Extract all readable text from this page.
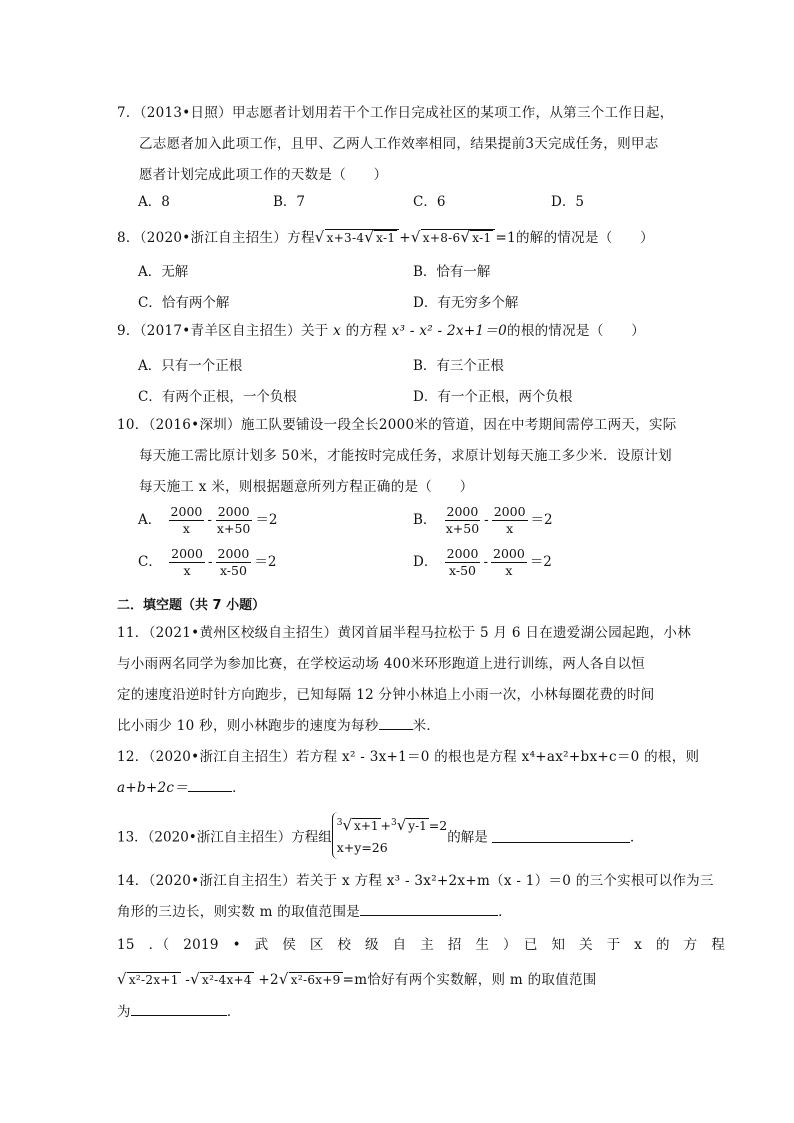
7．（2013•日照）甲志愿者计划用若干个工作日完成社区的某项工作，从第三个工作日起，
乙志愿者加入此项工作，且甲、乙两人工作效率相同，结果提前3天完成任务，则甲志
愿者计划完成此项工作的天数是（　　）
A．8	B．7	C．6	D．5
8．（2020•浙江自主招生）方程√ x+3-4√ x-1 +√ x+8-6√ x-1 =1的解的情况是（　　）
A．无解	B．恰有一解
C．恰有两个解	D．有无穷多个解
9．（2017•青羊区自主招生）关于 x 的方程 x³ - x² - 2x+1＝0的根的情况是（　　）
A．只有一个正根	B．有三个正根
C．有两个正根，一个负根	D．有一个正根，两个负根
10．（2016•深圳）施工队要铺设一段全长2000米的管道，因在中考期间需停工两天，实际
每天施工需比原计划多 50米，才能按时完成任务，求原计划每天施工多少米．设原计划
每天施工 x 米，则根据题意所列方程正确的是（　　）
A． $\frac{2000}{x} - \frac{2000}{x+50} =2$	B． $\frac{2000}{x+50} - \frac{2000}{x} =2$
C． $\frac{2000}{x} - \frac{2000}{x-50} =2$	D． $\frac{2000}{x-50} - \frac{2000}{x} =2$
二．填空题（共 7 小题）
11．（2021•黄州区校级自主招生）黄冈首届半程马拉松于 5 月 6 日在遗爱湖公园起跑，小林
与小雨两名同学为参加比赛，在学校运动场 400米环形跑道上进行训练，两人各自以恒
定的速度沿逆时针方向跑步，已知每隔 12 分钟小林追上小雨一次，小林每圈花费的时间
比小雨少 10 秒，则小林跑步的速度为每秒	米．
12．（2020•浙江自主招生）若方程 x² - 3x+1＝0 的根也是方程 x⁴+ax²+bx+c＝0 的根，则
a+b+2c＝	．
13．（2020•浙江自主招生）方程组
$^3$√ x+1 +$^3$√ y-1 =2
x+y=26
的解是	．
14．（2020•浙江自主招生）若关于 x 方程 x³ - 3x²+2x+m（x - 1）＝0 的三个实根可以作为三
角形的三边长，则实数 m 的取值范围是	．
15　．（　2019　•　武　侯　区　校　级　自　主　招　生　）　已　知　关　于　x　的　方　程
√ x²-2x+1 -√ x²-4x+4 +2√ x²-6x+9 =m恰好有两个实数解，则 m 的取值范围
为	．
